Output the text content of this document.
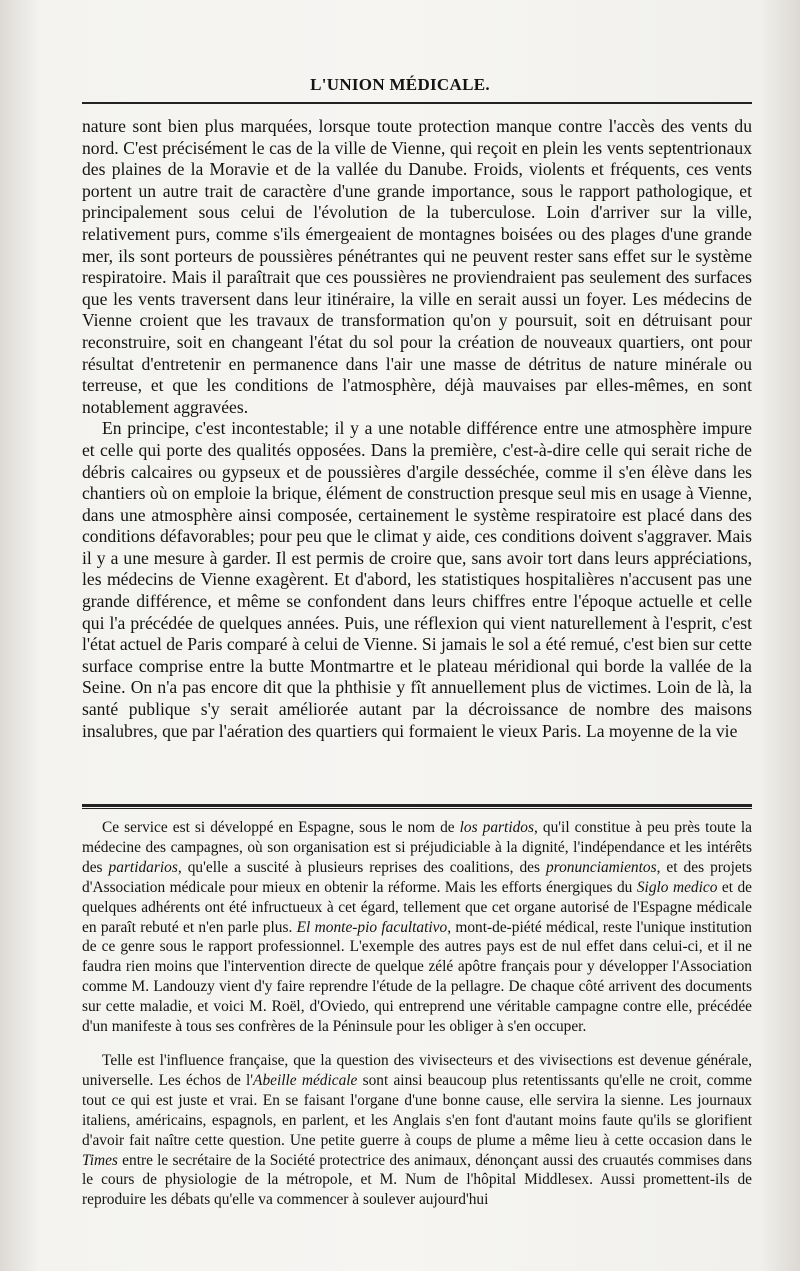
L'UNION MÉDICALE.

nature sont bien plus marquées, lorsque toute protection manque contre l'accès des vents du nord. C'est précisément le cas de la ville de Vienne, qui reçoit en plein les vents septentrionaux des plaines de la Moravie et de la vallée du Danube. Froids, violents et fréquents, ces vents portent un autre trait de caractère d'une grande importance, sous le rapport pathologique, et principalement sous celui de l'évolution de la tuberculose. Loin d'arriver sur la ville, relativement purs, comme s'ils émergeaient de montagnes boisées ou des plages d'une grande mer, ils sont porteurs de poussières pénétrantes qui ne peuvent rester sans effet sur le système respiratoire. Mais il paraîtrait que ces poussières ne proviendraient pas seulement des surfaces que les vents traversent dans leur itinéraire, la ville en serait aussi un foyer. Les médecins de Vienne croient que les travaux de transformation qu'on y poursuit, soit en détruisant pour reconstruire, soit en changeant l'état du sol pour la création de nouveaux quartiers, ont pour résultat d'entretenir en permanence dans l'air une masse de détritus de nature minérale ou terreuse, et que les conditions de l'atmosphère, déjà mauvaises par elles-mêmes, en sont notablement aggravées.

En principe, c'est incontestable; il y a une notable différence entre une atmosphère impure et celle qui porte des qualités opposées. Dans la première, c'est-à-dire celle qui serait riche de débris calcaires ou gypseux et de poussières d'argile desséchée, comme il s'en élève dans les chantiers où on emploie la brique, élément de construction presque seul mis en usage à Vienne, dans une atmosphère ainsi composée, certainement le système respiratoire est placé dans des conditions défavorables; pour peu que le climat y aide, ces conditions doivent s'aggraver. Mais il y a une mesure à garder. Il est permis de croire que, sans avoir tort dans leurs appréciations, les médecins de Vienne exagèrent. Et d'abord, les statistiques hospitalières n'accusent pas une grande différence, et même se confondent dans leurs chiffres entre l'époque actuelle et celle qui l'a précédée de quelques années. Puis, une réflexion qui vient naturellement à l'esprit, c'est l'état actuel de Paris comparé à celui de Vienne. Si jamais le sol a été remué, c'est bien sur cette surface comprise entre la butte Montmartre et le plateau méridional qui borde la vallée de la Seine. On n'a pas encore dit que la phthisie y fît annuellement plus de victimes. Loin de là, la santé publique s'y serait améliorée autant par la décroissance de nombre des maisons insalubres, que par l'aération des quartiers qui formaient le vieux Paris. La moyenne de la vie

Ce service est si développé en Espagne, sous le nom de los partidos, qu'il constitue à peu près toute la médecine des campagnes, où son organisation est si préjudiciable à la dignité, l'indépendance et les intérêts des partidarios, qu'elle a suscité à plusieurs reprises des coalitions, des pronunciamientos, et des projets d'Association médicale pour mieux en obtenir la réforme. Mais les efforts énergiques du Siglo medico et de quelques adhérents ont été infructueux à cet égard, tellement que cet organe autorisé de l'Espagne médicale en paraît rebuté et n'en parle plus. El monte-pio facultativo, mont-de-piété médical, reste l'unique institution de ce genre sous le rapport professionnel. L'exemple des autres pays est de nul effet dans celui-ci, et il ne faudra rien moins que l'intervention directe de quelque zélé apôtre français pour y développer l'Association comme M. Landouzy vient d'y faire reprendre l'étude de la pellagre. De chaque côté arrivent des documents sur cette maladie, et voici M. Roël, d'Oviedo, qui entreprend une véritable campagne contre elle, précédée d'un manifeste à tous ses confrères de la Péninsule pour les obliger à s'en occuper.

Telle est l'influence française, que la question des vivisecteurs et des vivisections est devenue générale, universelle. Les échos de l'Abeille médicale sont ainsi beaucoup plus retentissants qu'elle ne croit, comme tout ce qui est juste et vrai. En se faisant l'organe d'une bonne cause, elle servira la sienne. Les journaux italiens, américains, espagnols, en parlent, et les Anglais s'en font d'autant moins faute qu'ils se glorifient d'avoir fait naître cette question. Une petite guerre à coups de plume a même lieu à cette occasion dans le Times entre le secrétaire de la Société protectrice des animaux, dénonçant aussi des cruautés commises dans le cours de physiologie de la métropole, et M. Num de l'hôpital Middlesex. Aussi promettent-ils de reproduire les débats qu'elle va commencer à soulever aujourd'hui
